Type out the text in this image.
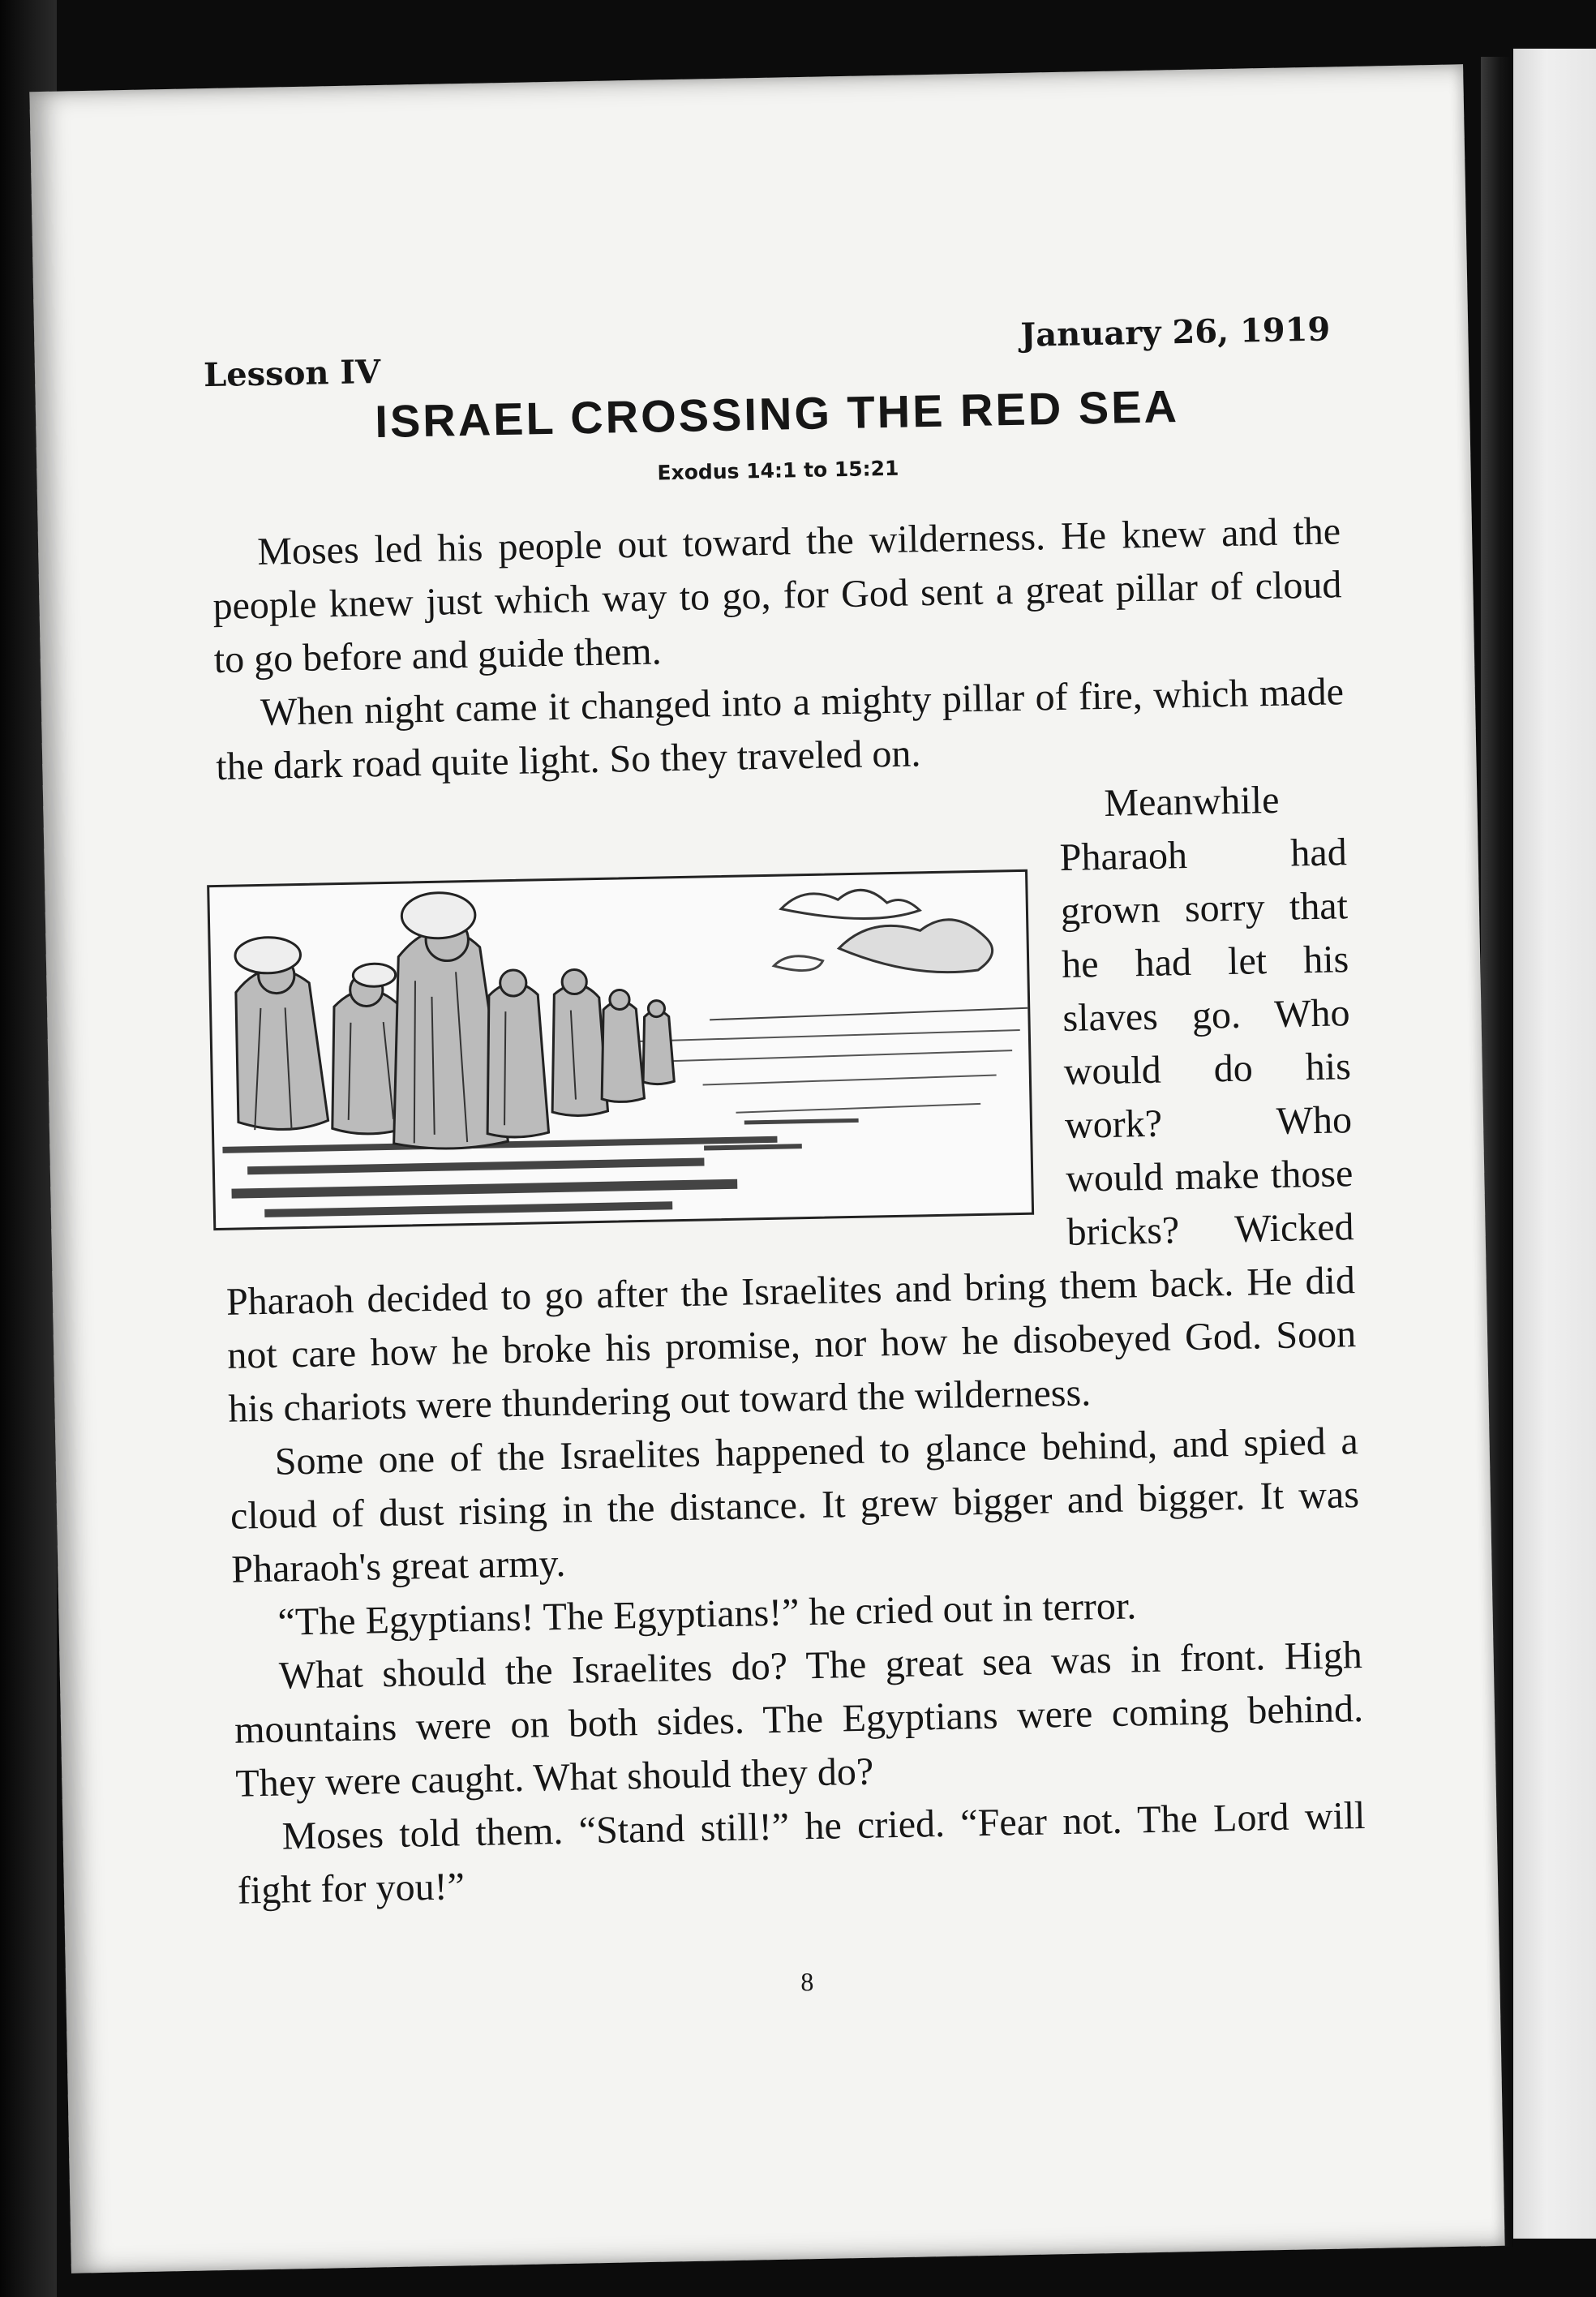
Lesson IV
January 26, 1919
ISRAEL CROSSING THE RED SEA
Exodus 14:1 to 15:21

Moses led his people out toward the wilderness. He knew and the people knew just which way to go, for God sent a great pillar of cloud to go before and guide them.

When night came it changed into a mighty pillar of fire, which made the dark road quite light. So they traveled on.

Meanwhile Pharaoh had grown sorry that he had let his slaves go. Who would do his work? Who would make those bricks? Wicked Pharaoh decided to go after the Israelites and bring them back. He did not care how he broke his promise, nor how he disobeyed God. Soon his chariots were thundering out toward the wilderness.

Some one of the Israelites happened to glance behind, and spied a cloud of dust rising in the distance. It grew bigger and bigger. It was Pharaoh's great army.

“The Egyptians! The Egyptians!” he cried out in terror.

What should the Israelites do? The great sea was in front. High mountains were on both sides. The Egyptians were coming behind. They were caught. What should they do?

Moses told them. “Stand still!” he cried. “Fear not. The Lord will fight for you!”

8
